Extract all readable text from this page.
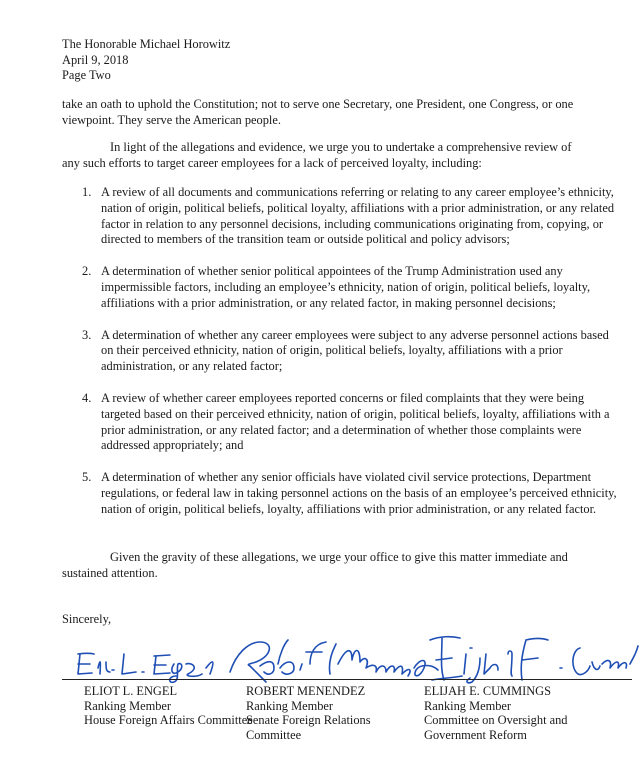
The Honorable Michael Horowitz
April 9, 2018
Page Two
take an oath to uphold the Constitution; not to serve one Secretary, one President, one Congress, or one viewpoint. They serve the American people.
In light of the allegations and evidence, we urge you to undertake a comprehensive review of
any such efforts to target career employees for a lack of perceived loyalty, including:
1. A review of all documents and communications referring or relating to any career employee’s ethnicity, nation of origin, political beliefs, political loyalty, affiliations with a prior administration, or any related factor in relation to any personnel decisions, including communications originating from, copying, or directed to members of the transition team or outside political and policy advisors;
2. A determination of whether senior political appointees of the Trump Administration used any impermissible factors, including an employee’s ethnicity, nation of origin, political beliefs, loyalty, affiliations with a prior administration, or any related factor, in making personnel decisions;
3. A determination of whether any career employees were subject to any adverse personnel actions based on their perceived ethnicity, nation of origin, political beliefs, loyalty, affiliations with a prior administration, or any related factor;
4. A review of whether career employees reported concerns or filed complaints that they were being targeted based on their perceived ethnicity, nation of origin, political beliefs, loyalty, affiliations with a prior administration, or any related factor; and a determination of whether those complaints were addressed appropriately; and
5. A determination of whether any senior officials have violated civil service protections, Department regulations, or federal law in taking personnel actions on the basis of an employee’s perceived ethnicity, nation of origin, political beliefs, loyalty, affiliations with prior administration, or any related factor.
Given the gravity of these allegations, we urge your office to give this matter immediate and
sustained attention.
Sincerely,
ELIOT L. ENGEL
Ranking Member
House Foreign Affairs Committee
ROBERT MENENDEZ
Ranking Member
Senate Foreign Relations
Committee
ELIJAH E. CUMMINGS
Ranking Member
Committee on Oversight and
Government Reform
